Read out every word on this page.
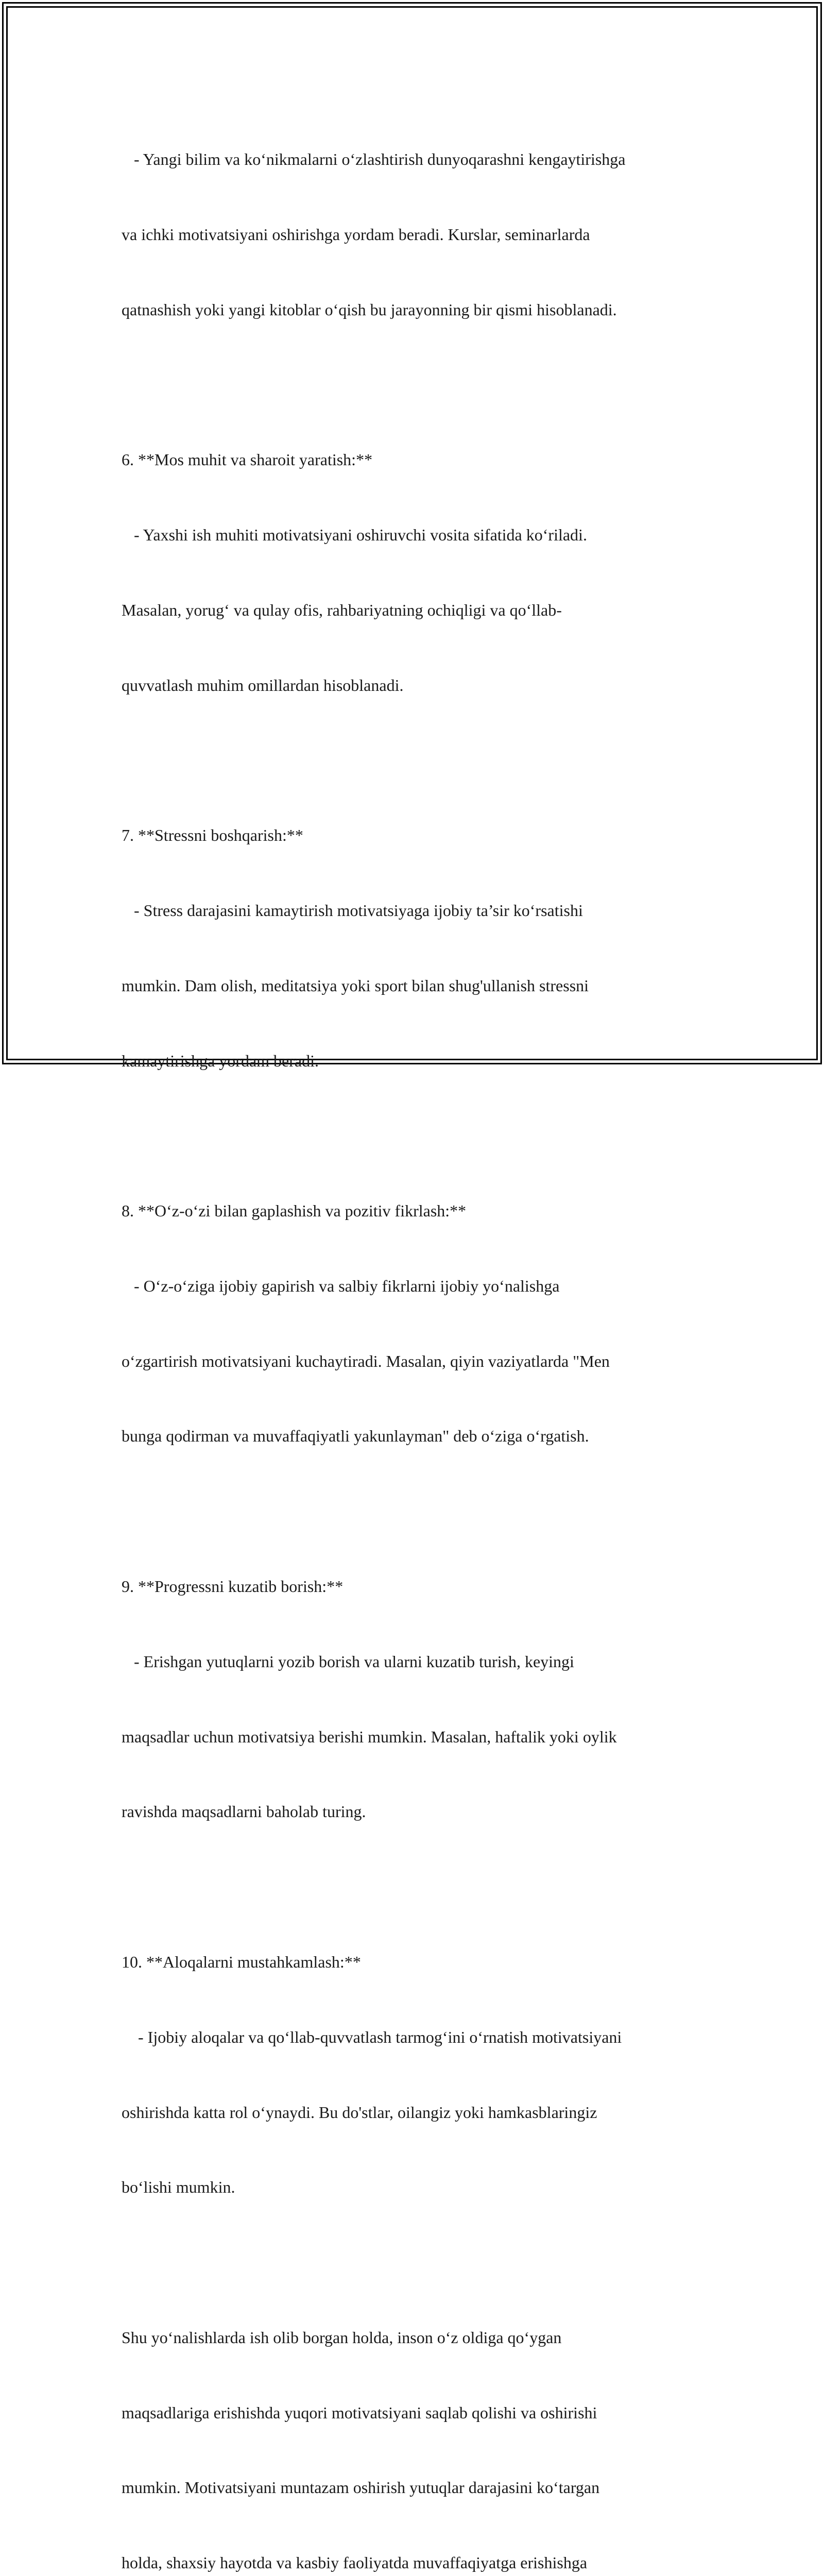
- Yangi bilim va ko‘nikmalarni o‘zlashtirish dunyoqarashni kengaytirishga

va ichki motivatsiyani oshirishga yordam beradi. Kurslar, seminarlarda

qatnashish yoki yangi kitoblar o‘qish bu jarayonning bir qismi hisoblanadi.

6. **Mos muhit va sharoit yaratish:**

- Yaxshi ish muhiti motivatsiyani oshiruvchi vosita sifatida ko‘riladi.

Masalan, yorug‘ va qulay ofis, rahbariyatning ochiqligi va qo‘llab-

quvvatlash muhim omillardan hisoblanadi.

7. **Stressni boshqarish:**

- Stress darajasini kamaytirish motivatsiyaga ijobiy ta’sir ko‘rsatishi

mumkin. Dam olish, meditatsiya yoki sport bilan shug'ullanish stressni

kamaytirishga yordam beradi.

8. **O‘z-o‘zi bilan gaplashish va pozitiv fikrlash:**

- O‘z-o‘ziga ijobiy gapirish va salbiy fikrlarni ijobiy yo‘nalishga

o‘zgartirish motivatsiyani kuchaytiradi. Masalan, qiyin vaziyatlarda "Men

bunga qodirman va muvaffaqiyatli yakunlayman" deb o‘ziga o‘rgatish.

9. **Progressni kuzatib borish:**

- Erishgan yutuqlarni yozib borish va ularni kuzatib turish, keyingi

maqsadlar uchun motivatsiya berishi mumkin. Masalan, haftalik yoki oylik

ravishda maqsadlarni baholab turing.

10. **Aloqalarni mustahkamlash:**

- Ijobiy aloqalar va qo‘llab-quvvatlash tarmog‘ini o‘rnatish motivatsiyani

oshirishda katta rol o‘ynaydi. Bu do'stlar, oilangiz yoki hamkasblaringiz

bo‘lishi mumkin.

Shu yo‘nalishlarda ish olib borgan holda, inson o‘z oldiga qo‘ygan

maqsadlariga erishishda yuqori motivatsiyani saqlab qolishi va oshirishi

mumkin. Motivatsiyani muntazam oshirish yutuqlar darajasini ko‘targan

holda, shaxsiy hayotda va kasbiy faoliyatda muvaffaqiyatga erishishga
